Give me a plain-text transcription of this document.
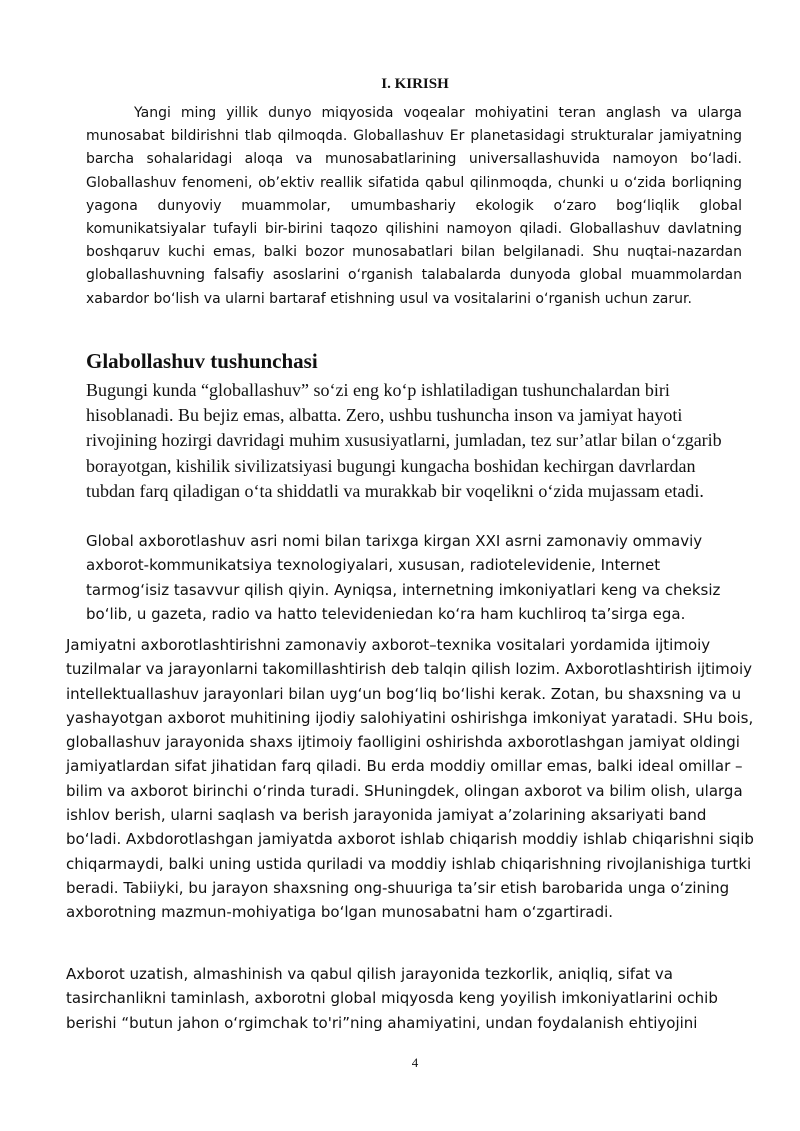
I. KIRISH

Yangi ming yillik dunyo miqyosida voqealar mohiyatini teran anglash va ularga munosabat bildirishni tlab qilmoqda. Globallashuv Er planetasidagi strukturalar jamiyatning barcha sohalaridagi aloqa va munosabatlarining universallashuvida namoyon bo‘ladi. Globallashuv fenomeni, ob’ektiv reallik sifatida qabul qilinmoqda, chunki u o‘zida borliqning yagona dunyoviy muammolar, umumbashariy ekologik o‘zaro bog‘liqlik global komunikatsiyalar tufayli bir-birini taqozo qilishini namoyon qiladi. Globallashuv davlatning boshqaruv kuchi emas, balki bozor munosabatlari bilan belgilanadi. Shu nuqtai-nazardan globallashuvning falsafiy asoslarini o‘rganish talabalarda dunyoda global muammolardan xabardor bo‘lish va ularni bartaraf etishning usul va vositalarini o‘rganish uchun zarur.

Glabollashuv tushunchasi

Bugungi kunda “globallashuv” so‘zi eng ko‘p ishlatiladigan tushunchalardan biri hisoblanadi. Bu bejiz emas, albatta. Zero, ushbu tushuncha inson va jamiyat hayoti rivojining hozirgi davridagi muhim xususiyatlarni, jumladan, tez sur’atlar bilan o‘zgarib borayotgan, kishilik sivilizatsiyasi bugungi kungacha boshidan kechirgan davrlardan tubdan farq qiladigan o‘ta shiddatli va murakkab bir voqelikni o‘zida mujassam etadi.

Global axborotlashuv asri nomi bilan tarixga kirgan XXI asrni zamonaviy ommaviy axborot-kommunikatsiya texnologiyalari, xususan, radiotelevidenie, Internet tarmog‘isiz tasavvur qilish qiyin. Ayniqsa, internetning imkoniyatlari keng va cheksiz bo‘lib, u gazeta, radio va hatto televideniedan ko‘ra ham kuchliroq ta’sirga ega.

Jamiyatni axborotlashtirishni zamonaviy axborot–texnika vositalari yordamida ijtimoiy tuzilmalar va jarayonlarni takomillashtirish deb talqin qilish lozim. Axborotlashtirish ijtimoiy intellektuallashuv jarayonlari bilan uyg‘un bog‘liq bo‘lishi kerak. Zotan, bu shaxsning va u yashayotgan axborot muhitining ijodiy salohiyatini oshirishga imkoniyat yaratadi. SHu bois, globallashuv jarayonida shaxs ijtimoiy faolligini oshirishda axborotlashgan jamiyat oldingi jamiyatlardan sifat jihatidan farq qiladi. Bu erda moddiy omillar emas, balki ideal omillar – bilim va axborot birinchi o‘rinda turadi. SHuningdek, olingan axborot va bilim olish, ularga ishlov berish, ularni saqlash va berish jarayonida jamiyat a’zolarining aksariyati band bo‘ladi. Axbdorotlashgan jamiyatda axborot ishlab chiqarish moddiy ishlab chiqarishni siqib chiqarmaydi, balki uning ustida quriladi va moddiy ishlab chiqarishning rivojlanishiga turtki beradi. Tabiiyki, bu jarayon shaxsning ong-shuuriga ta’sir etish barobarida unga o‘zining axborotning mazmun-mohiyatiga bo‘lgan munosabatni ham o‘zgartiradi.

Axborot uzatish, almashinish va qabul qilish jarayonida tezkorlik, aniqliq, sifat va tasirchanlikni taminlash, axborotni global miqyosda keng yoyilish imkoniyatlarini ochib berishi “butun jahon o‘rgimchak to'ri”ning ahamiyatini, undan foydalanish ehtiyojini

4
